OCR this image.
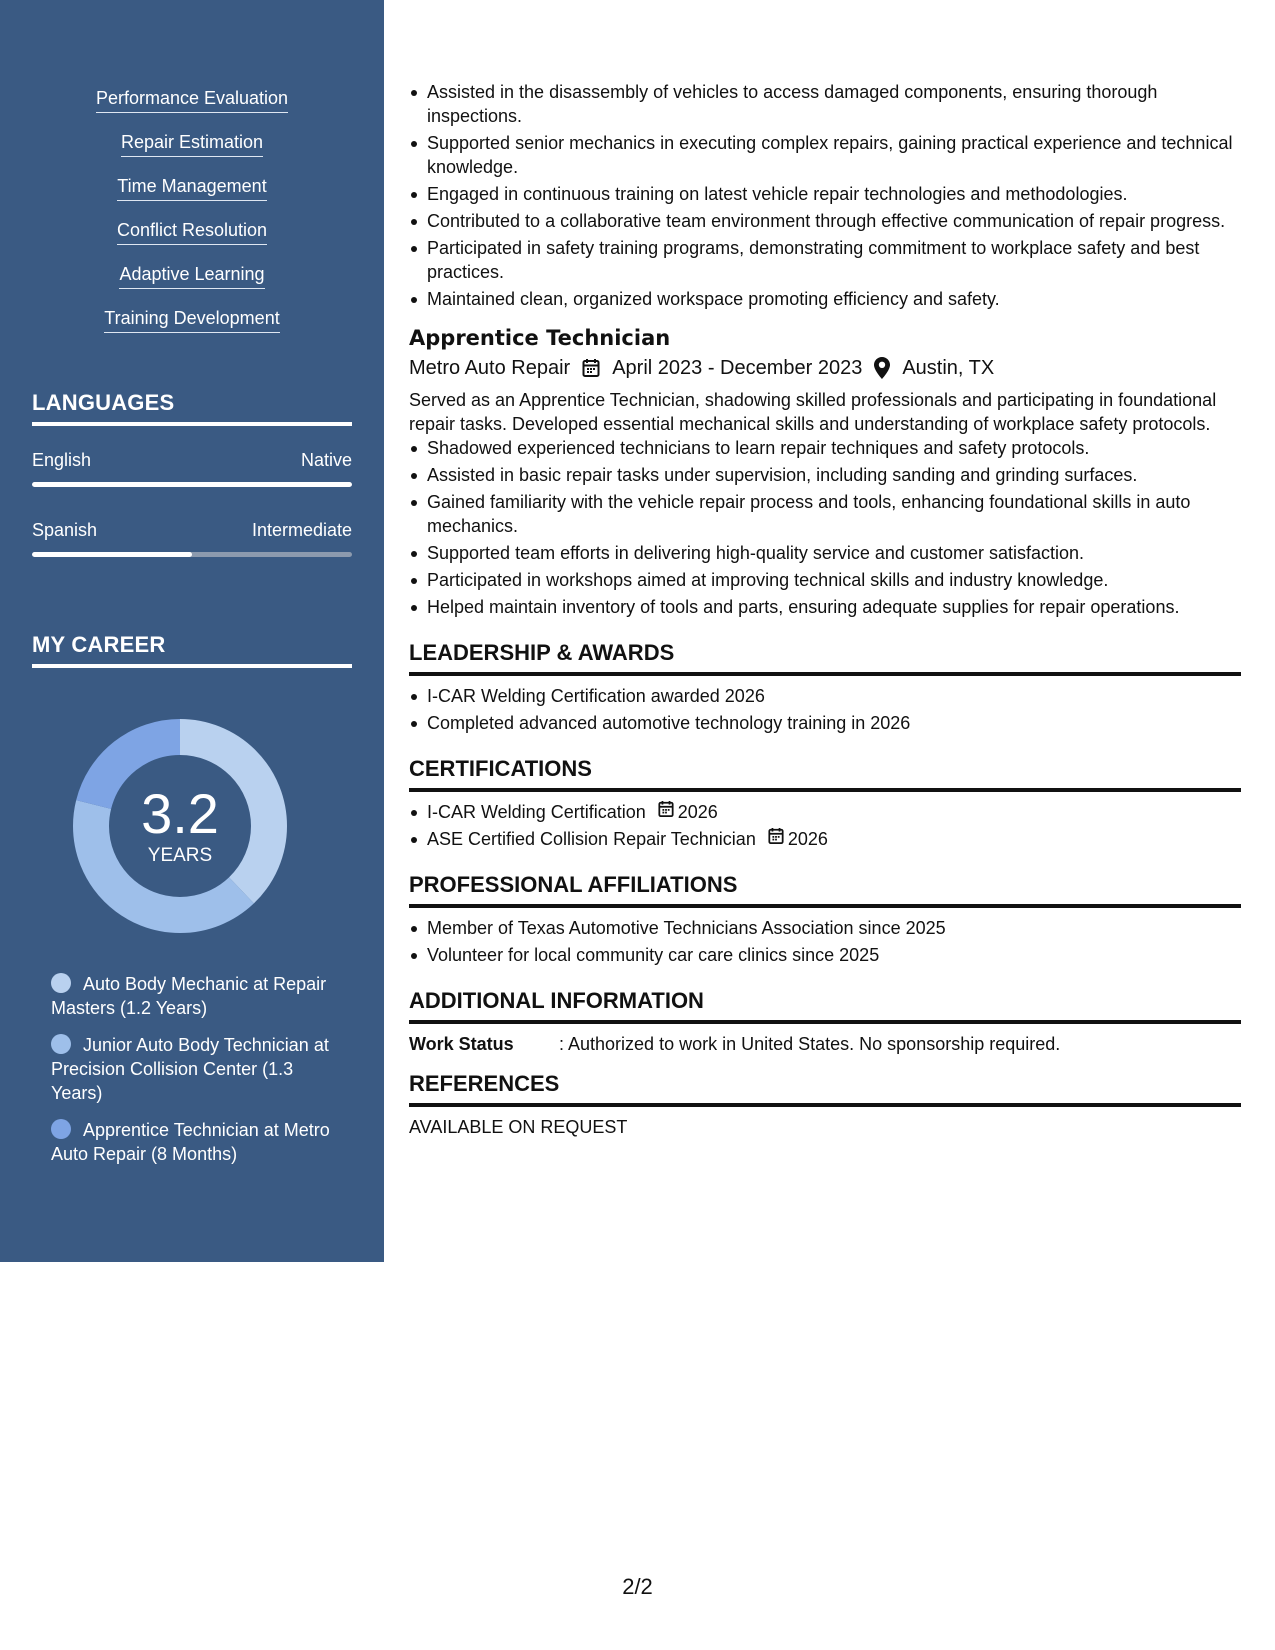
Performance Evaluation
Repair Estimation
Time Management
Conflict Resolution
Adaptive Learning
Training Development
LANGUAGES
English	Native
Spanish	Intermediate
MY CAREER
3.2
YEARS
Auto Body Mechanic at Repair Masters (1.2 Years)
Junior Auto Body Technician at Precision Collision Center (1.3 Years)
Apprentice Technician at Metro Auto Repair (8 Months)
Assisted in the disassembly of vehicles to access damaged components, ensuring thorough inspections.
Supported senior mechanics in executing complex repairs, gaining practical experience and technical knowledge.
Engaged in continuous training on latest vehicle repair technologies and methodologies.
Contributed to a collaborative team environment through effective communication of repair progress.
Participated in safety training programs, demonstrating commitment to workplace safety and best practices.
Maintained clean, organized workspace promoting efficiency and safety.
Apprentice Technician
Metro Auto Repair April 2023 - December 2023 Austin, TX
Served as an Apprentice Technician, shadowing skilled professionals and participating in foundational repair tasks. Developed essential mechanical skills and understanding of workplace safety protocols.
Shadowed experienced technicians to learn repair techniques and safety protocols.
Assisted in basic repair tasks under supervision, including sanding and grinding surfaces.
Gained familiarity with the vehicle repair process and tools, enhancing foundational skills in auto mechanics.
Supported team efforts in delivering high-quality service and customer satisfaction.
Participated in workshops aimed at improving technical skills and industry knowledge.
Helped maintain inventory of tools and parts, ensuring adequate supplies for repair operations.
LEADERSHIP & AWARDS
I-CAR Welding Certification awarded 2026
Completed advanced automotive technology training in 2026
CERTIFICATIONS
I-CAR Welding Certification 2026
ASE Certified Collision Repair Technician 2026
PROFESSIONAL AFFILIATIONS
Member of Texas Automotive Technicians Association since 2025
Volunteer for local community car care clinics since 2025
ADDITIONAL INFORMATION
Work Status	: Authorized to work in United States. No sponsorship required.
REFERENCES
AVAILABLE ON REQUEST
2/2
